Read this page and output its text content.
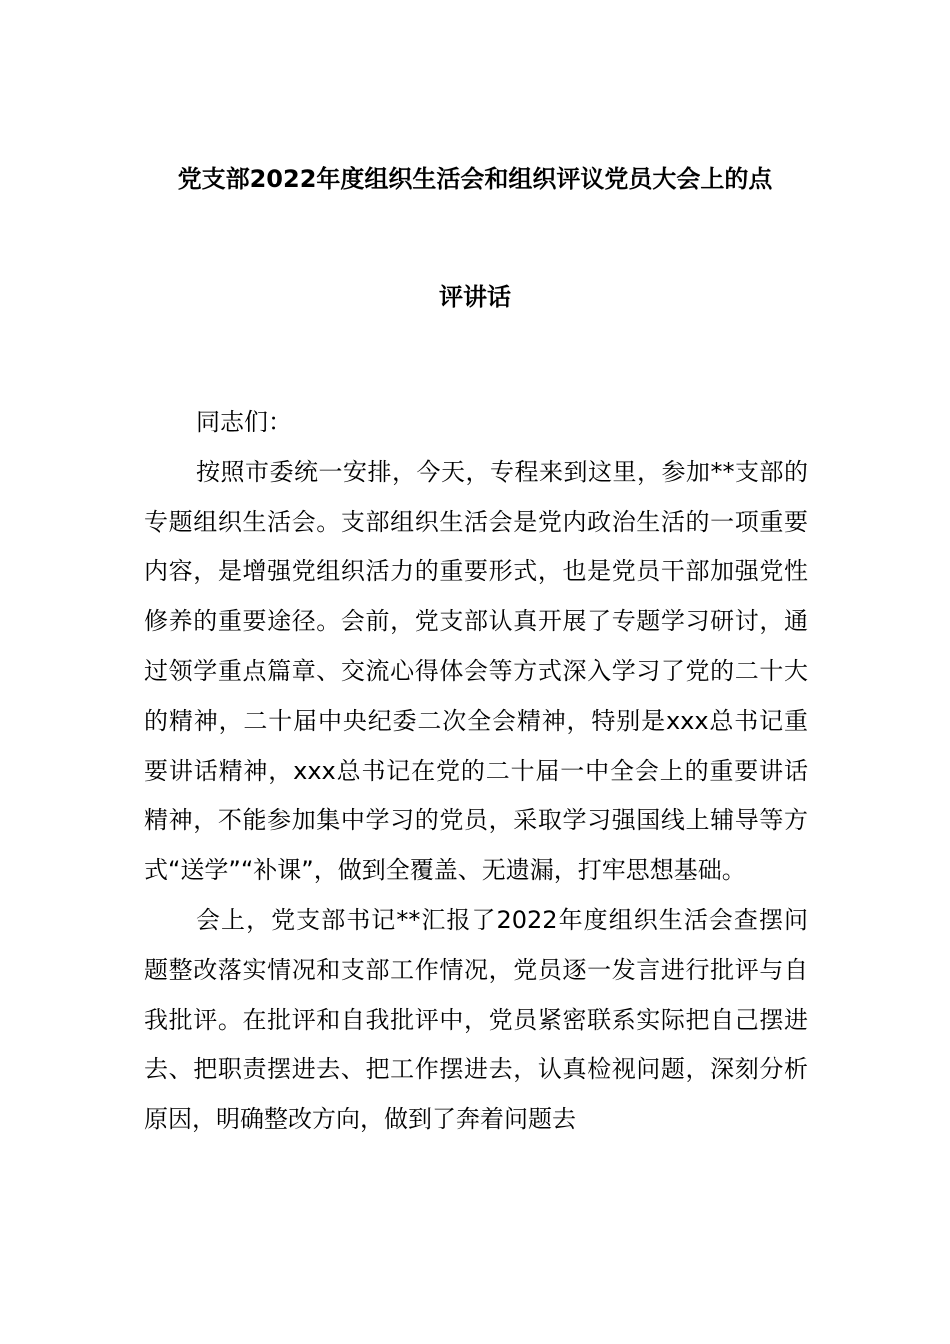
党支部2022年度组织生活会和组织评议党员大会上的点
评讲话

同志们：

按照市委统一安排，今天，专程来到这里，参加**支部的专题组织生活会。支部组织生活会是党内政治生活的一项重要内容，是增强党组织活力的重要形式，也是党员干部加强党性修养的重要途径。会前，党支部认真开展了专题学习研讨，通过领学重点篇章、交流心得体会等方式深入学习了党的二十大的精神，二十届中央纪委二次全会精神，特别是xxx总书记重要讲话精神，xxx总书记在党的二十届一中全会上的重要讲话精神，不能参加集中学习的党员，采取学习强国线上辅导等方式“送学”“补课”，做到全覆盖、无遗漏，打牢思想基础。

会上，党支部书记**汇报了2022年度组织生活会查摆问题整改落实情况和支部工作情况，党员逐一发言进行批评与自我批评。在批评和自我批评中，党员紧密联系实际把自己摆进去、把职责摆进去、把工作摆进去，认真检视问题，深刻分析原因，明确整改方向，做到了奔着问题去
